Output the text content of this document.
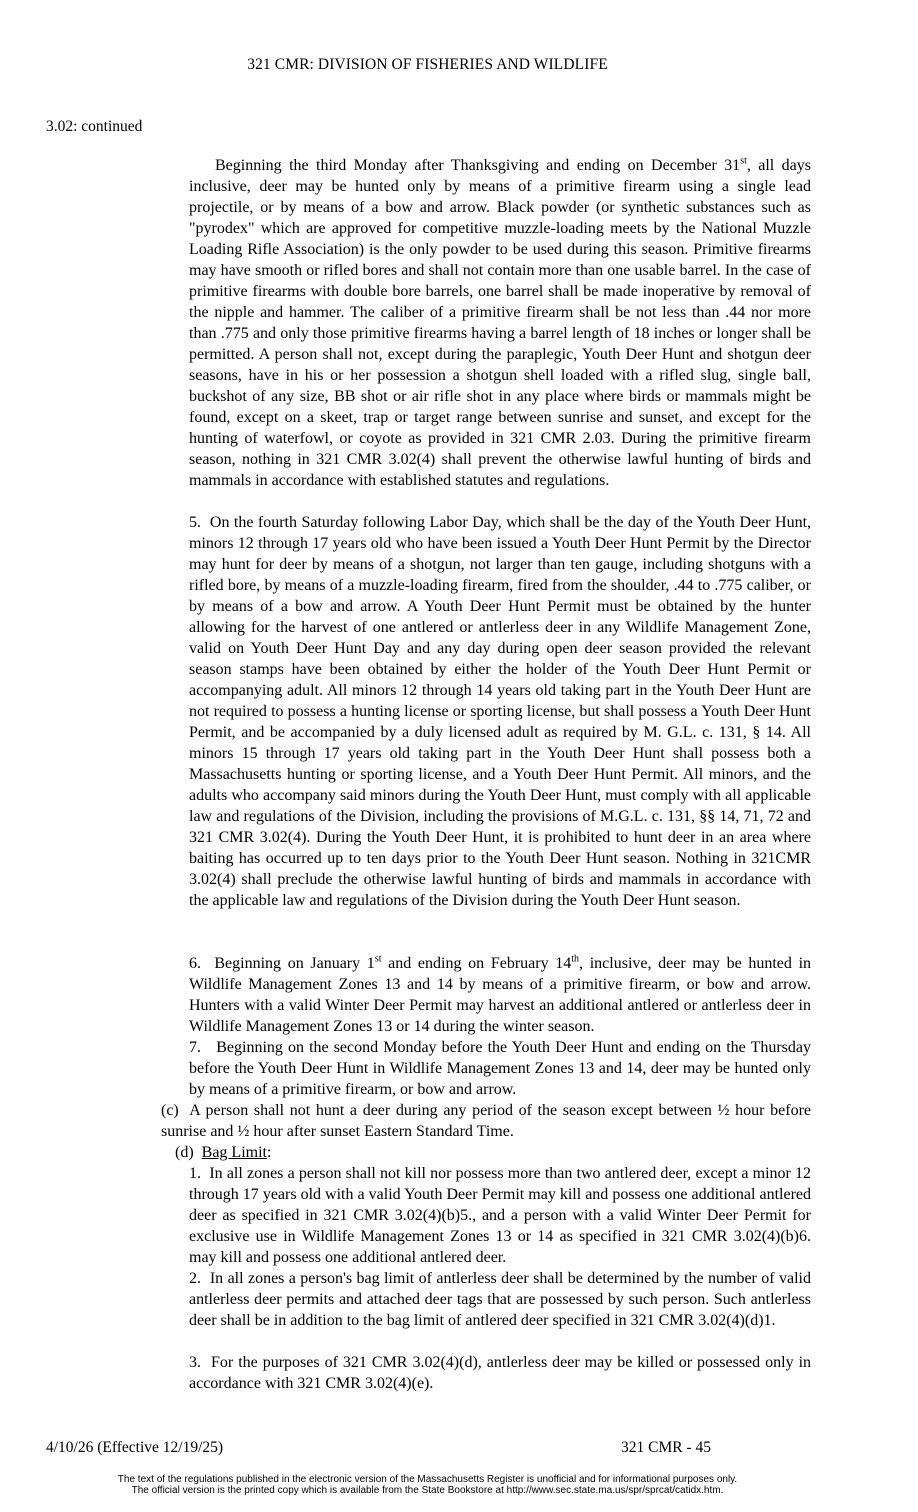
321 CMR: DIVISION OF FISHERIES AND WILDLIFE
3.02: continued
Beginning the third Monday after Thanksgiving and ending on December 31st, all days inclusive, deer may be hunted only by means of a primitive firearm using a single lead projectile, or by means of a bow and arrow. Black powder (or synthetic substances such as "pyrodex" which are approved for competitive muzzle-loading meets by the National Muzzle Loading Rifle Association) is the only powder to be used during this season. Primitive firearms may have smooth or rifled bores and shall not contain more than one usable barrel. In the case of primitive firearms with double bore barrels, one barrel shall be made inoperative by removal of the nipple and hammer. The caliber of a primitive firearm shall be not less than .44 nor more than .775 and only those primitive firearms having a barrel length of 18 inches or longer shall be permitted. A person shall not, except during the paraplegic, Youth Deer Hunt and shotgun deer seasons, have in his or her possession a shotgun shell loaded with a rifled slug, single ball, buckshot of any size, BB shot or air rifle shot in any place where birds or mammals might be found, except on a skeet, trap or target range between sunrise and sunset, and except for the hunting of waterfowl, or coyote as provided in 321 CMR 2.03. During the primitive firearm season, nothing in 321 CMR 3.02(4) shall prevent the otherwise lawful hunting of birds and mammals in accordance with established statutes and regulations.
5. On the fourth Saturday following Labor Day, which shall be the day of the Youth Deer Hunt, minors 12 through 17 years old who have been issued a Youth Deer Hunt Permit by the Director may hunt for deer by means of a shotgun, not larger than ten gauge, including shotguns with a rifled bore, by means of a muzzle-loading firearm, fired from the shoulder, .44 to .775 caliber, or by means of a bow and arrow. A Youth Deer Hunt Permit must be obtained by the hunter allowing for the harvest of one antlered or antlerless deer in any Wildlife Management Zone, valid on Youth Deer Hunt Day and any day during open deer season provided the relevant season stamps have been obtained by either the holder of the Youth Deer Hunt Permit or accompanying adult. All minors 12 through 14 years old taking part in the Youth Deer Hunt are not required to possess a hunting license or sporting license, but shall possess a Youth Deer Hunt Permit, and be accompanied by a duly licensed adult as required by M. G.L. c. 131, § 14. All minors 15 through 17 years old taking part in the Youth Deer Hunt shall possess both a Massachusetts hunting or sporting license, and a Youth Deer Hunt Permit. All minors, and the adults who accompany said minors during the Youth Deer Hunt, must comply with all applicable law and regulations of the Division, including the provisions of M.G.L. c. 131, §§ 14, 71, 72 and 321 CMR 3.02(4). During the Youth Deer Hunt, it is prohibited to hunt deer in an area where baiting has occurred up to ten days prior to the Youth Deer Hunt season. Nothing in 321CMR 3.02(4) shall preclude the otherwise lawful hunting of birds and mammals in accordance with the applicable law and regulations of the Division during the Youth Deer Hunt season.
6. Beginning on January 1st and ending on February 14th, inclusive, deer may be hunted in Wildlife Management Zones 13 and 14 by means of a primitive firearm, or bow and arrow. Hunters with a valid Winter Deer Permit may harvest an additional antlered or antlerless deer in Wildlife Management Zones 13 or 14 during the winter season.
7. Beginning on the second Monday before the Youth Deer Hunt and ending on the Thursday before the Youth Deer Hunt in Wildlife Management Zones 13 and 14, deer may be hunted only by means of a primitive firearm, or bow and arrow.
(c) A person shall not hunt a deer during any period of the season except between ½ hour before sunrise and ½ hour after sunset Eastern Standard Time.
(d) Bag Limit:
1. In all zones a person shall not kill nor possess more than two antlered deer, except a minor 12 through 17 years old with a valid Youth Deer Permit may kill and possess one additional antlered deer as specified in 321 CMR 3.02(4)(b)5., and a person with a valid Winter Deer Permit for exclusive use in Wildlife Management Zones 13 or 14 as specified in 321 CMR 3.02(4)(b)6. may kill and possess one additional antlered deer.
2. In all zones a person's bag limit of antlerless deer shall be determined by the number of valid antlerless deer permits and attached deer tags that are possessed by such person. Such antlerless deer shall be in addition to the bag limit of antlered deer specified in 321 CMR 3.02(4)(d)1.
3. For the purposes of 321 CMR 3.02(4)(d), antlerless deer may be killed or possessed only in accordance with 321 CMR 3.02(4)(e).
4/10/26 (Effective 12/19/25)	321 CMR - 45
The text of the regulations published in the electronic version of the Massachusetts Register is unofficial and for informational purposes only.
The official version is the printed copy which is available from the State Bookstore at http://www.sec.state.ma.us/spr/sprcat/catidx.htm.
